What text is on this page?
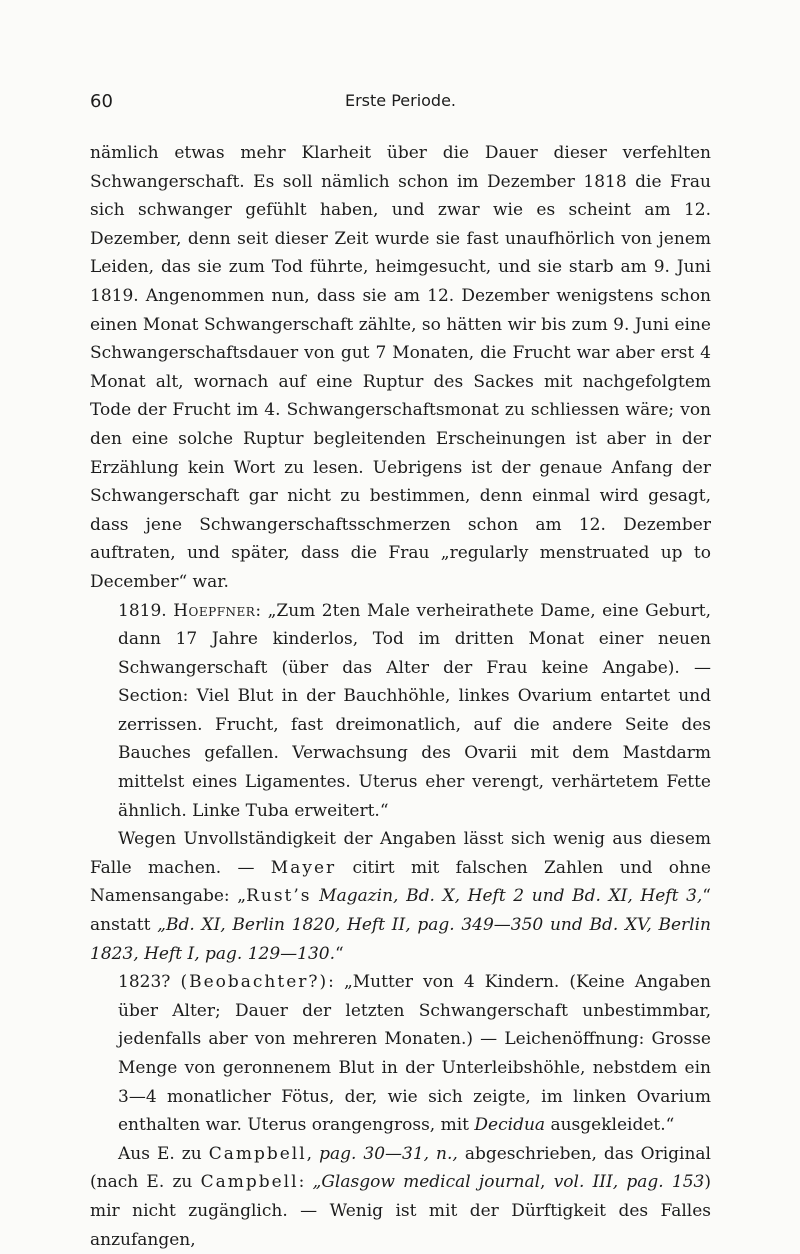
60	Erste Periode.

nämlich etwas mehr Klarheit über die Dauer dieser verfehlten Schwangerschaft. Es soll nämlich schon im Dezember 1818 die Frau sich schwanger gefühlt haben, und zwar wie es scheint am 12. Dezember, denn seit dieser Zeit wurde sie fast unaufhörlich von jenem Leiden, das sie zum Tod führte, heimgesucht, und sie starb am 9. Juni 1819. Angenommen nun, dass sie am 12. Dezember wenigstens schon einen Monat Schwangerschaft zählte, so hätten wir bis zum 9. Juni eine Schwangerschaftsdauer von gut 7 Monaten, die Frucht war aber erst 4 Monat alt, wornach auf eine Ruptur des Sackes mit nachgefolgtem Tode der Frucht im 4. Schwangerschaftsmonat zu schliessen wäre; von den eine solche Ruptur begleitenden Erscheinungen ist aber in der Erzählung kein Wort zu lesen. Uebrigens ist der genaue Anfang der Schwangerschaft gar nicht zu bestimmen, denn einmal wird gesagt, dass jene Schwangerschaftsschmerzen schon am 12. Dezember auftraten, und später, dass die Frau „regularly menstruated up to December“ war.

1819. Hoepfner: „Zum 2ten Male verheirathete Dame, eine Geburt, dann 17 Jahre kinderlos, Tod im dritten Monat einer neuen Schwangerschaft (über das Alter der Frau keine Angabe). — Section: Viel Blut in der Bauchhöhle, linkes Ovarium entartet und zerrissen. Frucht, fast dreimonatlich, auf die andere Seite des Bauches gefallen. Verwachsung des Ovarii mit dem Mastdarm mittelst eines Ligamentes. Uterus eher verengt, verhärtetem Fette ähnlich. Linke Tuba erweitert.“

Wegen Unvollständigkeit der Angaben lässt sich wenig aus diesem Falle machen. — Mayer citirt mit falschen Zahlen und ohne Namensangabe: „Rust’s Magazin, Bd. X, Heft 2 und Bd. XI, Heft 3,“ anstatt „Bd. XI, Berlin 1820, Heft II, pag. 349—350 und Bd. XV, Berlin 1823, Heft I, pag. 129—130.“

1823? (Beobachter?): „Mutter von 4 Kindern. (Keine Angaben über Alter; Dauer der letzten Schwangerschaft unbestimmbar, jedenfalls aber von mehreren Monaten.) — Leichenöffnung: Grosse Menge von geronnenem Blut in der Unterleibshöhle, nebstdem ein 3—4 monatlicher Fötus, der, wie sich zeigte, im linken Ovarium enthalten war. Uterus orangengross, mit Decidua ausgekleidet.“

Aus E. zu Campbell, pag. 30—31, n., abgeschrieben, das Original (nach E. zu Campbell: „Glasgow medical journal, vol. III, pag. 153) mir nicht zugänglich. — Wenig ist mit der Dürftigkeit des Falles anzufangen,
